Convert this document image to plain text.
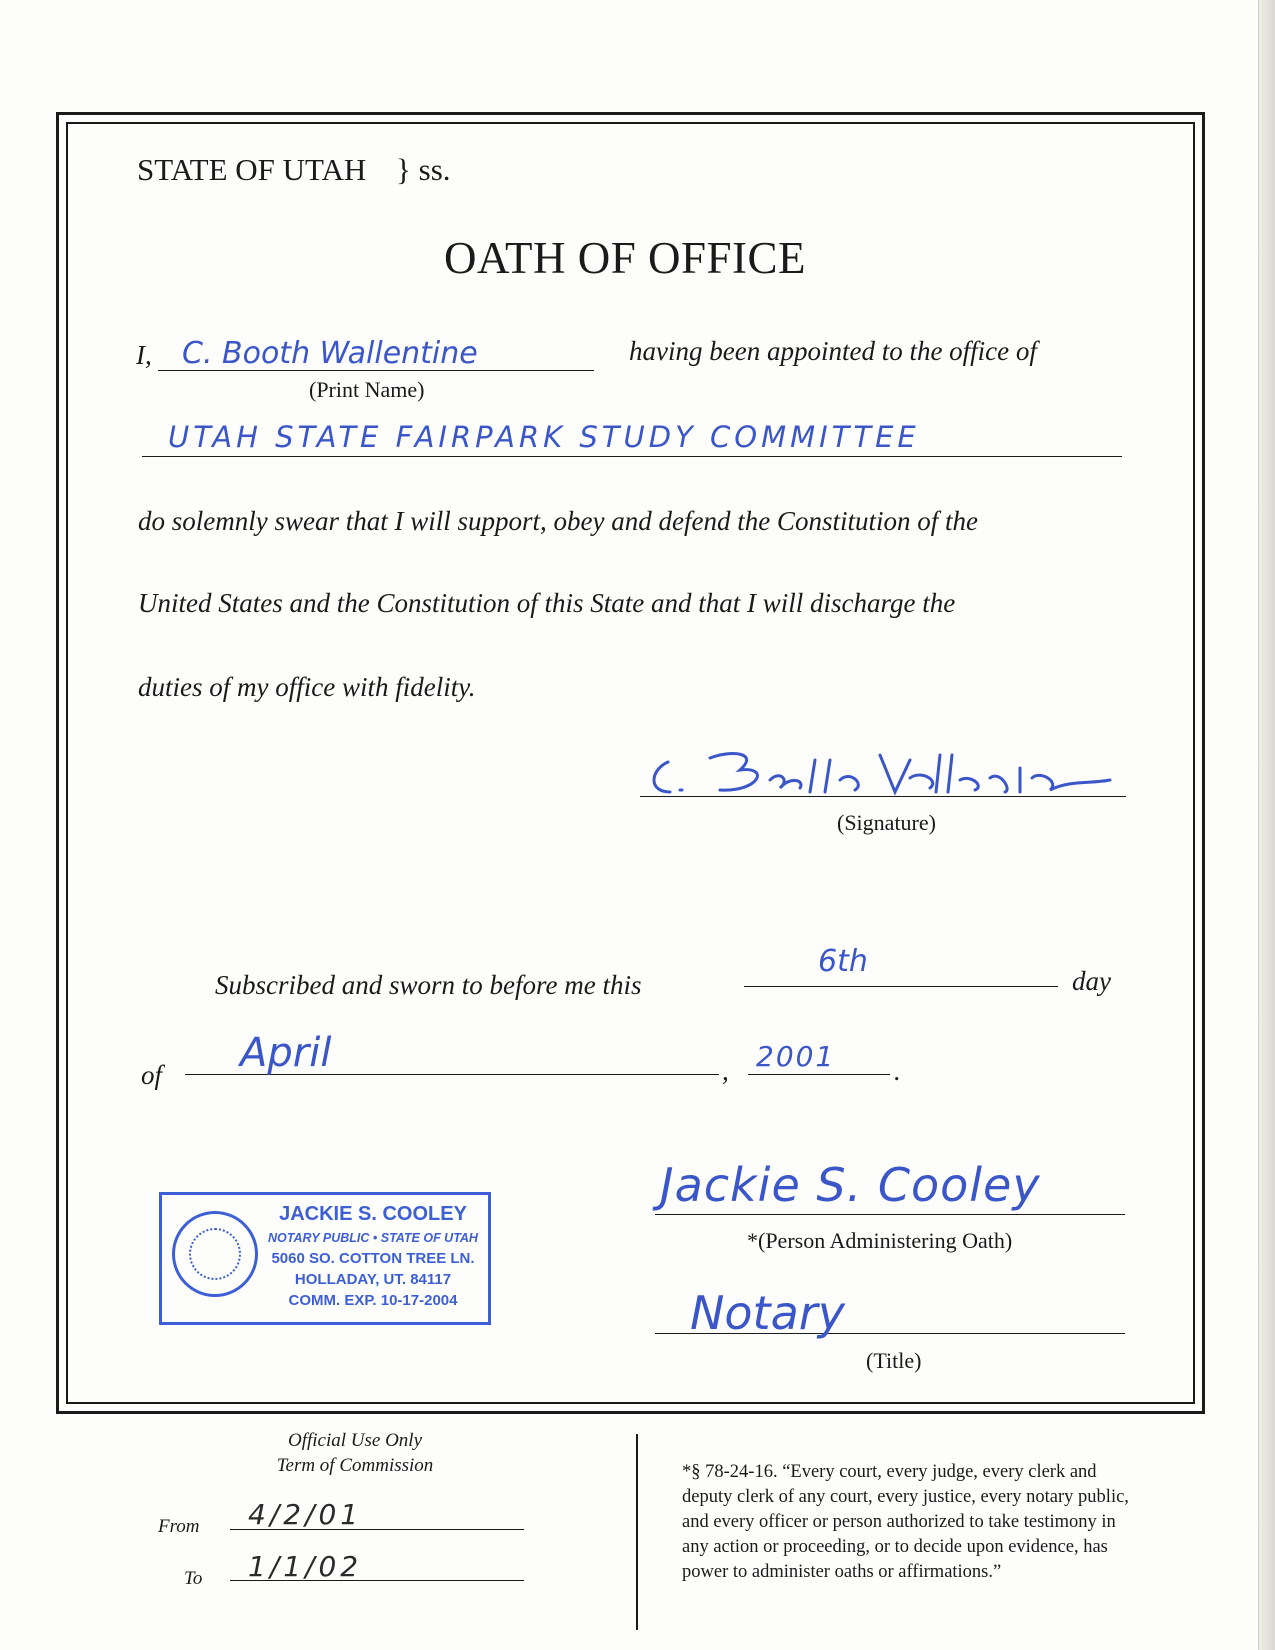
STATE OF UTAH } ss.
OATH OF OFFICE
I, C. Booth Wallentine
(Print Name)
having been appointed to the office of
UTAH STATE FAIRPARK STUDY COMMITTEE
do solemnly swear that I will support, obey and defend the Constitution of the
United States and the Constitution of this State and that I will discharge the
duties of my office with fidelity.
(Signature)
Subscribed and sworn to before me this
6th
day
of April	, 2001 .
Jackie S. Cooley
*(Person Administering Oath)
Notary
(Title)
JACKIE S. COOLEY
NOTARY PUBLIC • STATE OF UTAH
5060 SO. COTTON TREE LN.
HOLLADAY, UT. 84117
COMM. EXP. 10-17-2004
Official Use Only
Term of Commission
From 4/2/01
To 1/1/02
*§ 78-24-16. “Every court, every judge, every clerk and
deputy clerk of any court, every justice, every notary public,
and every officer or person authorized to take testimony in
any action or proceeding, or to decide upon evidence, has
power to administer oaths or affirmations.”
